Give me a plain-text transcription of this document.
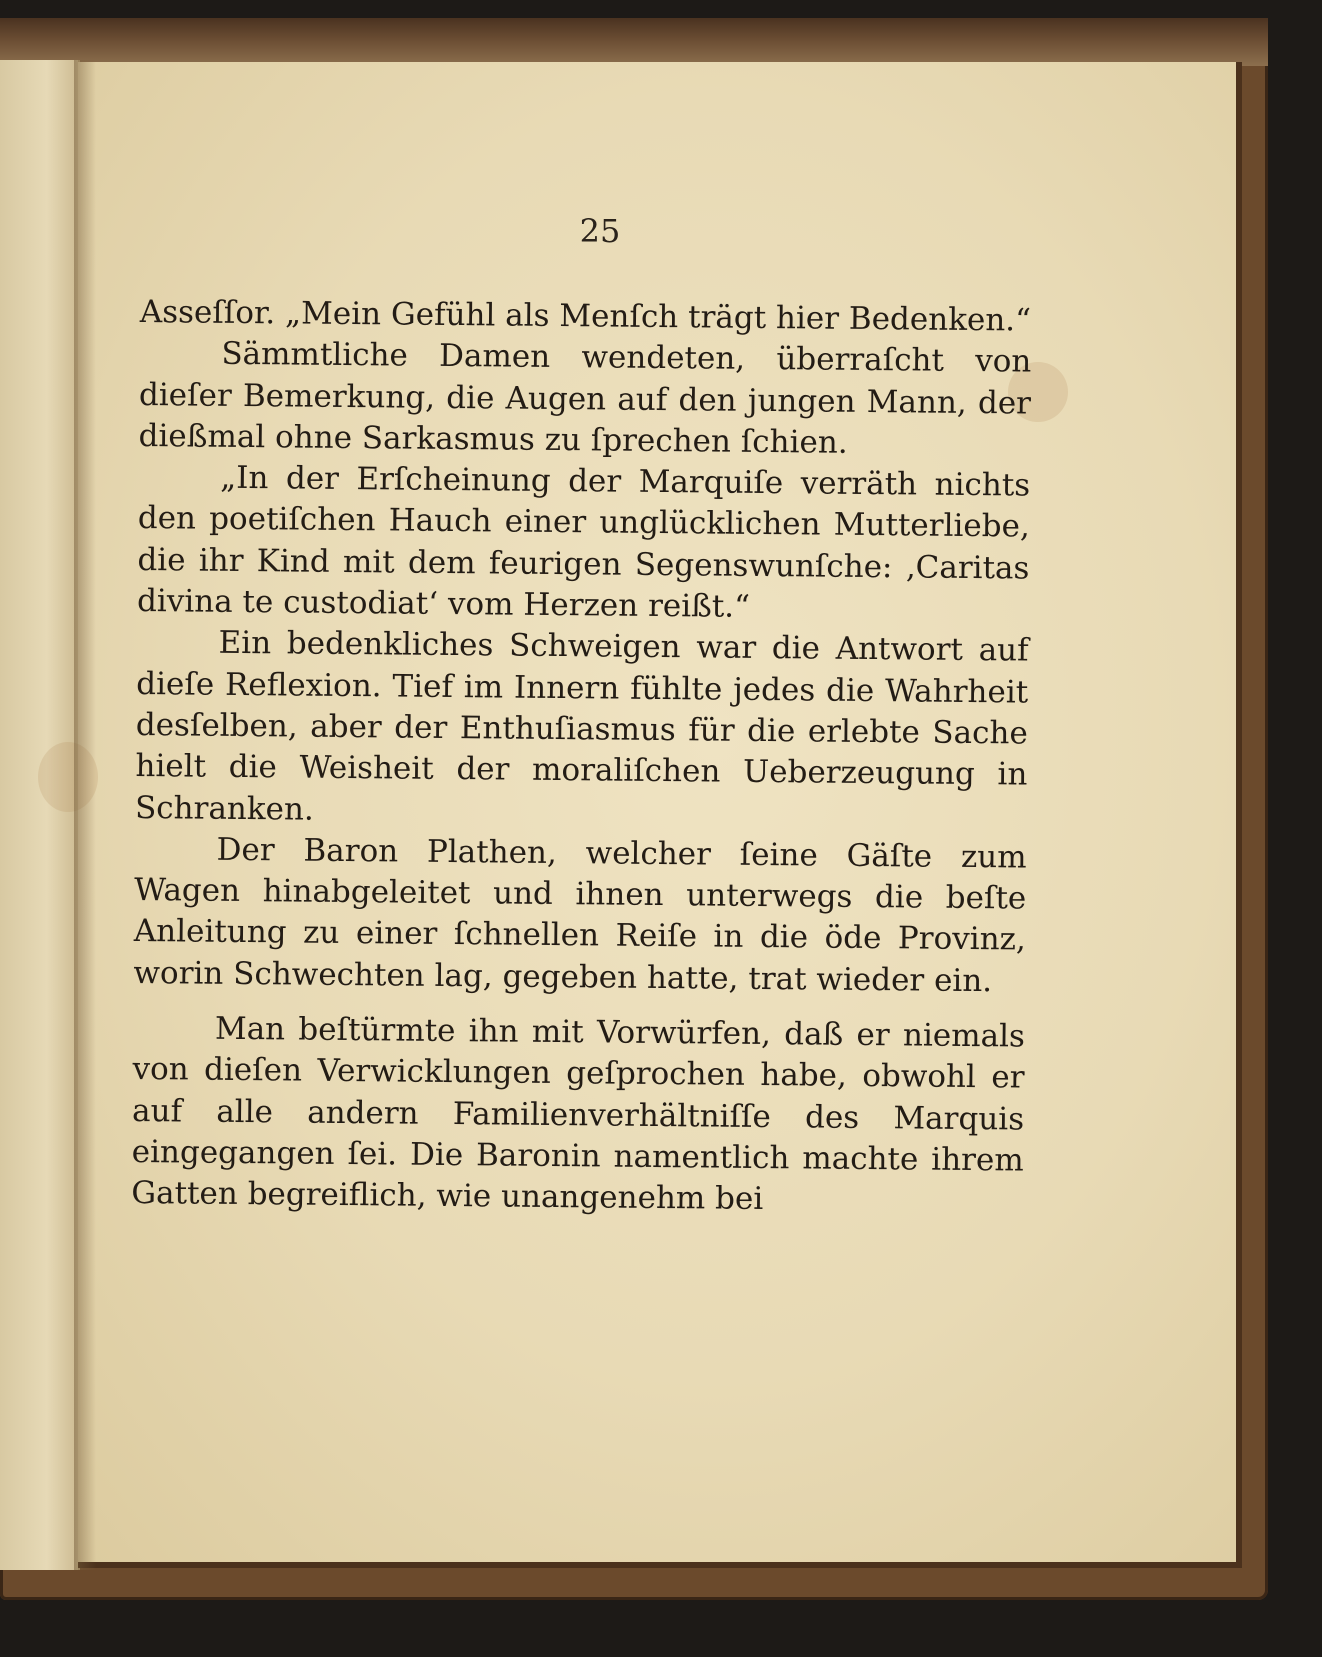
25

Asseſſor. „Mein Gefühl als Menſch trägt hier Bedenken.“

Sämmtliche Damen wendeten, überraſcht von dieſer Bemerkung, die Augen auf den jungen Mann, der dießmal ohne Sarkasmus zu ſprechen ſchien.

„In der Erſcheinung der Marquiſe verräth nichts den poetiſchen Hauch einer unglücklichen Mutterliebe, die ihr Kind mit dem feurigen Segenswunſche: ‚Caritas divina te custodiat‘ vom Herzen reißt.“

Ein bedenkliches Schweigen war die Antwort auf dieſe Reflexion. Tief im Innern fühlte jedes die Wahrheit desſelben, aber der Enthuſiasmus für die erlebte Sache hielt die Weisheit der moraliſchen Ueberzeugung in Schranken.

Der Baron Plathen, welcher ſeine Gäſte zum Wagen hinabgeleitet und ihnen unterwegs die beſte Anleitung zu einer ſchnellen Reiſe in die öde Provinz, worin Schwechten lag, gegeben hatte, trat wieder ein.

Man beſtürmte ihn mit Vorwürfen, daß er niemals von dieſen Verwicklungen geſprochen habe, obwohl er auf alle andern Familienverhältniſſe des Marquis eingegangen ſei. Die Baronin namentlich machte ihrem Gatten begreiflich, wie unangenehm bei
